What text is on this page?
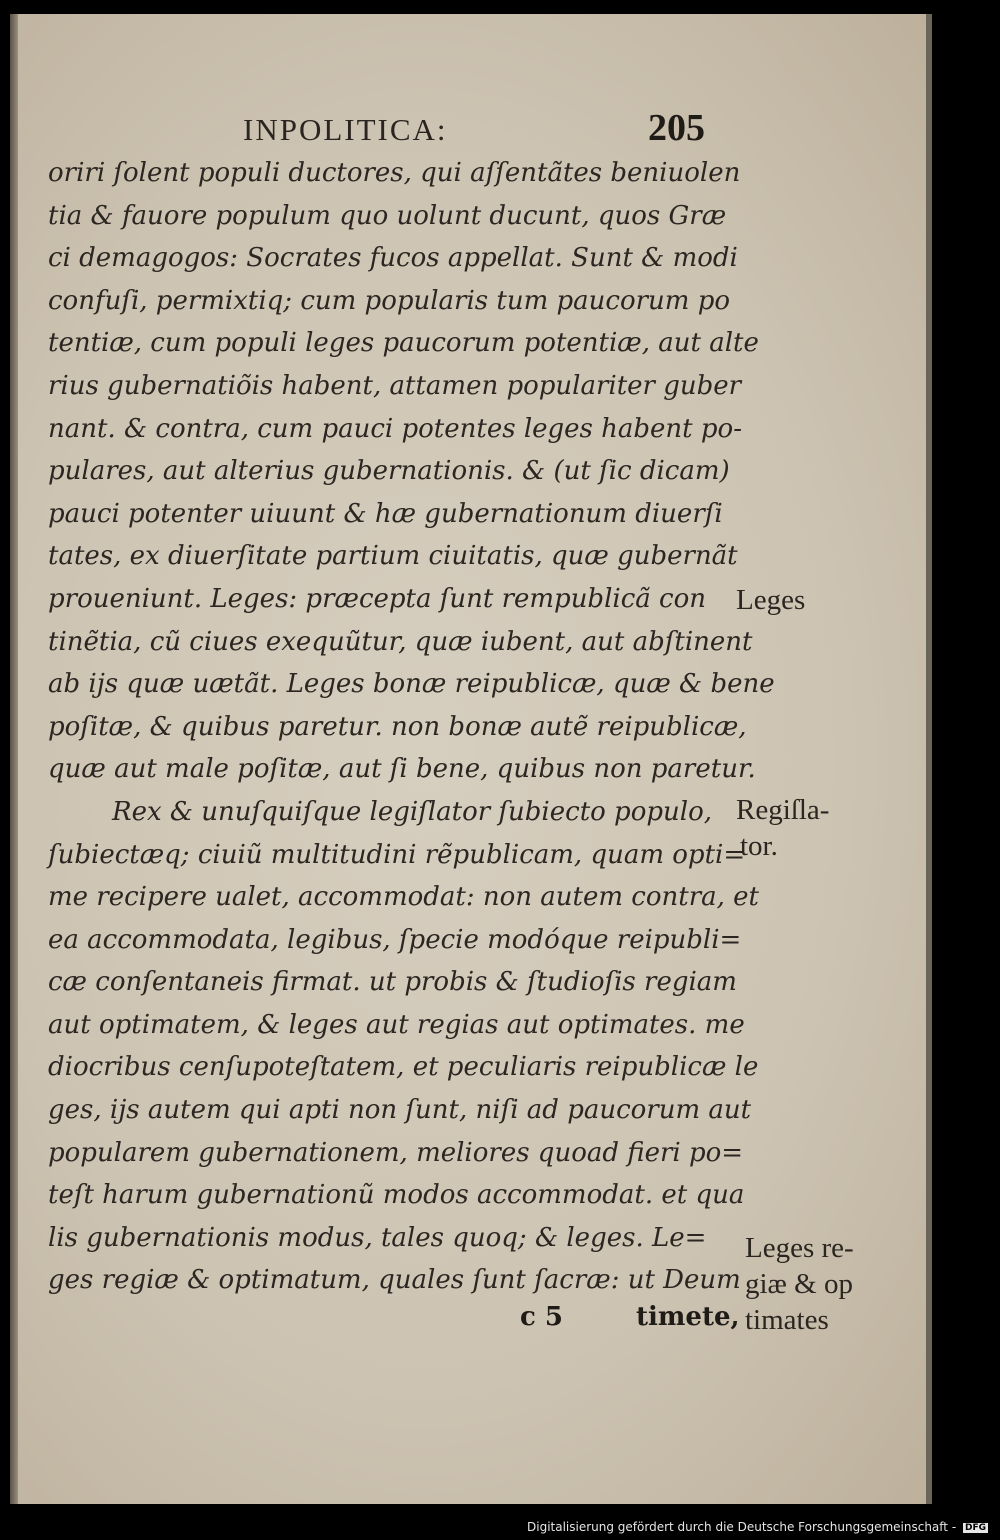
INPOLITICA:	205
oriri ſolent populi ductores, qui aſſentãtes beniuolen
tia & fauore populum quo uolunt ducunt, quos Græ
ci demagogos: Socrates fucos appellat. Sunt & modi
confuſi, permixtiq; cum popularis tum paucorum po
tentiæ, cum populi leges paucorum potentiæ, aut alte
rius gubernatiõis habent, attamen populariter guber
nant. & contra, cum pauci potentes leges habent po-
pulares, aut alterius gubernationis. & (ut ſic dicam)
pauci potenter uiuunt & hæ gubernationum diuerſi
tates, ex diuerſitate partium ciuitatis, quæ gubernãt
proueniunt. Leges: præcepta ſunt rempublicã con
tinẽtia, cũ ciues exequũtur, quæ iubent, aut abſtinent
ab ijs quæ uætãt. Leges bonæ reipublicæ, quæ & bene
poſitæ, & quibus paretur. non bonæ autẽ reipublicæ,
quæ aut male poſitæ, aut ſi bene, quibus non paretur.
Rex & unuſquiſque legiſlator ſubiecto populo,
ſubiectæq; ciuiũ multitudini rẽpublicam, quam opti=
me recipere ualet, accommodat: non autem contra, et
ea accommodata, legibus, ſpecie modóque reipubli=
cæ conſentaneis firmat. ut probis & ſtudioſis regiam
aut optimatem, & leges aut regias aut optimates. me
diocribus cenſupoteſtatem, et peculiaris reipublicæ le
ges, ijs autem qui apti non ſunt, niſi ad paucorum aut
popularem gubernationem, meliores quoad fieri po=
teſt harum gubernationũ modos accommodat. et qua
lis gubernationis modus, tales quoq; & leges. Le=
ges regiæ & optimatum, quales ſunt ſacræ: ut Deum
Leges
Regiſla-
tor.
Leges re-
giæ & op
timates
c 5	timete,
Digitalisierung gefördert durch die Deutsche Forschungsgemeinschaft - DFG
